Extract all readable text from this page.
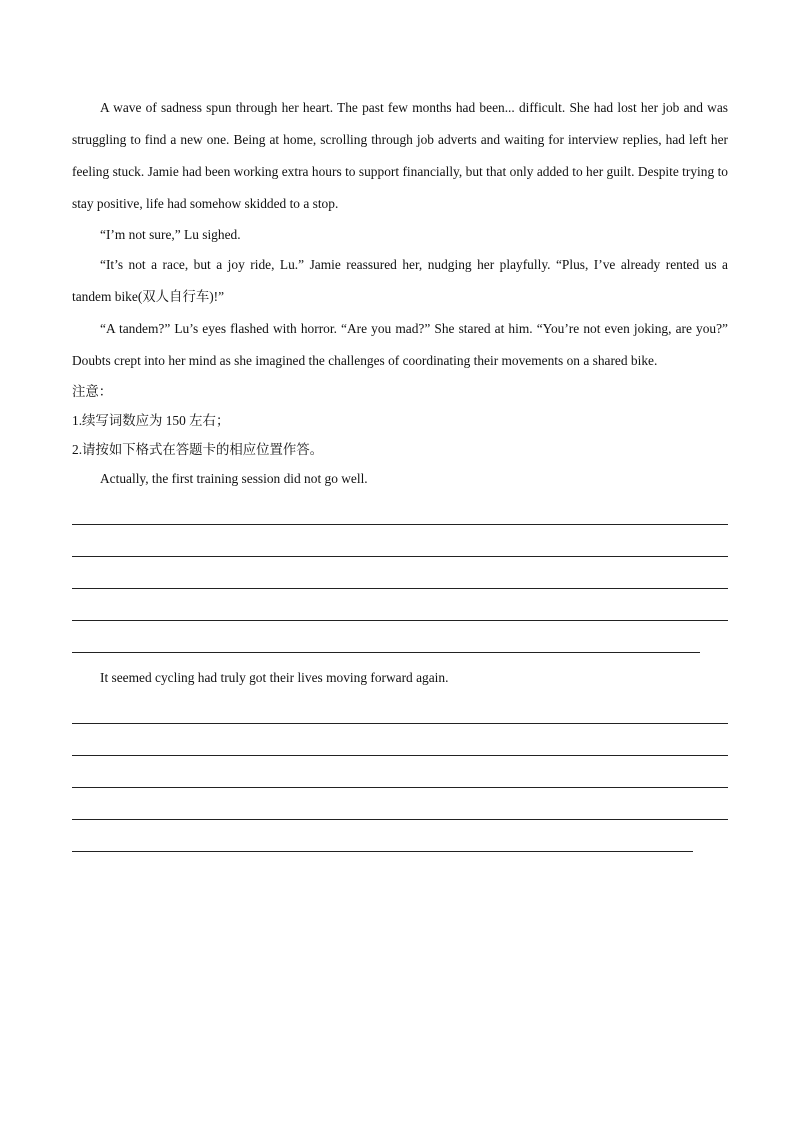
A wave of sadness spun through her heart. The past few months had been... difficult. She had lost her job and was struggling to find a new one. Being at home, scrolling through job adverts and waiting for interview replies, had left her feeling stuck. Jamie had been working extra hours to support financially, but that only added to her guilt. Despite trying to stay positive, life had somehow skidded to a stop.

“I’m not sure,” Lu sighed.

“It’s not a race, but a joy ride, Lu.” Jamie reassured her, nudging her playfully. “Plus, I’ve already rented us a tandem bike(双人自行车)!”

“A tandem?” Lu’s eyes flashed with horror. “Are you mad?” She stared at him. “You’re not even joking, are you?” Doubts crept into her mind as she imagined the challenges of coordinating their movements on a shared bike.

注意：

1.续写词数应为 150 左右；

2.请按如下格式在答题卡的相应位置作答。

Actually, the first training session did not go well.

It seemed cycling had truly got their lives moving forward again.
